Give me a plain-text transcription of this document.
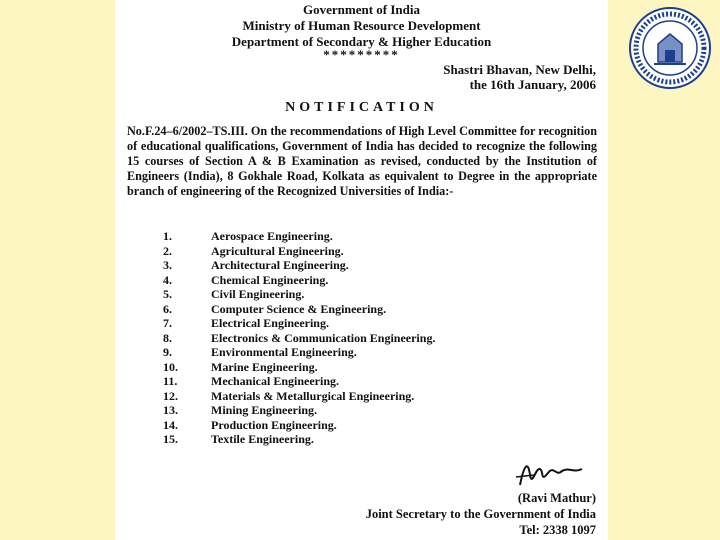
Government of India
Ministry of Human Resource Development
Department of Secondary & Higher Education
*********
Shastri Bhavan, New Delhi,
the 16th January, 2006
NOTIFICATION
No.F.24–6/2002–TS.III. On the recommendations of High Level Committee for recognition of educational qualifications, Government of India has decided to recognize the following 15 courses of Section A & B Examination as revised, conducted by the Institution of Engineers (India), 8 Gokhale Road, Kolkata as equivalent to Degree in the appropriate branch of engineering of the Recognized Universities of India:-
1.	Aerospace Engineering.
2.	Agricultural Engineering.
3.	Architectural Engineering.
4.	Chemical Engineering.
5.	Civil Engineering.
6.	Computer Science & Engineering.
7.	Electrical Engineering.
8.	Electronics & Communication Engineering.
9.	Environmental Engineering.
10.	Marine Engineering.
11.	Mechanical Engineering.
12.	Materials & Metallurgical Engineering.
13.	Mining Engineering.
14.	Production Engineering.
15.	Textile Engineering.
(Ravi Mathur)
Joint Secretary to the Government of India
Tel: 2338 1097
